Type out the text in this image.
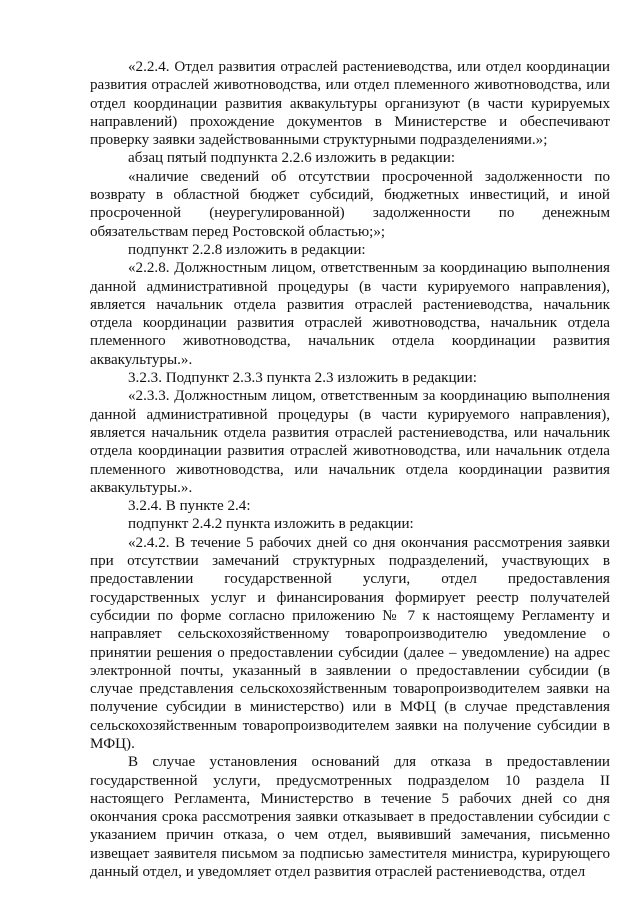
«2.2.4. Отдел развития отраслей растениеводства, или отдел координации развития отраслей животноводства, или отдел племенного животноводства, или отдел координации развития аквакультуры организуют (в части курируемых направлений) прохождение документов в Министерстве и обеспечивают проверку заявки задействованными структурными подразделениями.»;

абзац пятый подпункта 2.2.6 изложить в редакции:

«наличие сведений об отсутствии просроченной задолженности по возврату в областной бюджет субсидий, бюджетных инвестиций, и иной просроченной (неурегулированной) задолженности по денежным обязательствам перед Ростовской областью;»;

подпункт 2.2.8 изложить в редакции:

«2.2.8. Должностным лицом, ответственным за координацию выполнения данной административной процедуры (в части курируемого направления), является начальник отдела развития отраслей растениеводства, начальник отдела координации развития отраслей животноводства, начальник отдела племенного животноводства, начальник отдела координации развития аквакультуры.».

3.2.3. Подпункт 2.3.3 пункта 2.3 изложить в редакции:

«2.3.3. Должностным лицом, ответственным за координацию выполнения данной административной процедуры (в части курируемого направления), является начальник отдела развития отраслей растениеводства, или начальник отдела координации развития отраслей животноводства, или начальник отдела племенного животноводства, или начальник отдела координации развития аквакультуры.».

3.2.4. В пункте 2.4:

подпункт 2.4.2 пункта изложить в редакции:

«2.4.2. В течение 5 рабочих дней со дня окончания рассмотрения заявки при отсутствии замечаний структурных подразделений, участвующих в предоставлении государственной услуги, отдел предоставления государственных услуг и финансирования формирует реестр получателей субсидии по форме согласно приложению № 7 к настоящему Регламенту и направляет сельскохозяйственному товаропроизводителю уведомление о принятии решения о предоставлении субсидии (далее – уведомление) на адрес электронной почты, указанный в заявлении о предоставлении субсидии (в случае представления сельскохозяйственным товаропроизводителем заявки на получение субсидии в министерство) или в МФЦ (в случае представления сельскохозяйственным товаропроизводителем заявки на получение субсидии в МФЦ).

В случае установления оснований для отказа в предоставлении государственной услуги, предусмотренных подразделом 10 раздела II настоящего Регламента, Министерство в течение 5 рабочих дней со дня окончания срока рассмотрения заявки отказывает в предоставлении субсидии с указанием причин отказа, о чем отдел, выявивший замечания, письменно извещает заявителя письмом за подписью заместителя министра, курирующего данный отдел, и уведомляет отдел развития отраслей растениеводства, отдел
